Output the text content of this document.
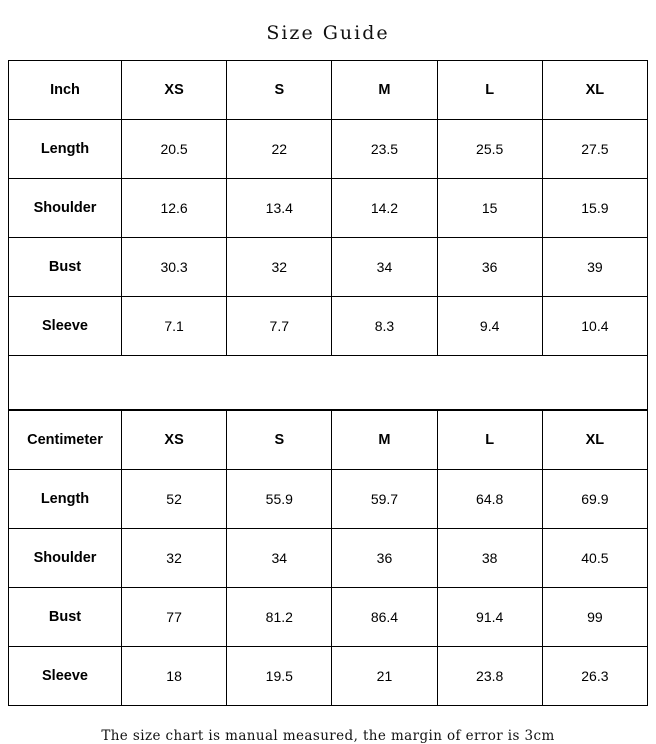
Size Guide
Inch	XS	S	M	L	XL
Length	20.5	22	23.5	25.5	27.5
Shoulder	12.6	13.4	14.2	15	15.9
Bust	30.3	32	34	36	39
Sleeve	7.1	7.7	8.3	9.4	10.4
Centimeter	XS	S	M	L	XL
Length	52	55.9	59.7	64.8	69.9
Shoulder	32	34	36	38	40.5
Bust	77	81.2	86.4	91.4	99
Sleeve	18	19.5	21	23.8	26.3
The size chart is manual measured, the margin of error is 3cm
